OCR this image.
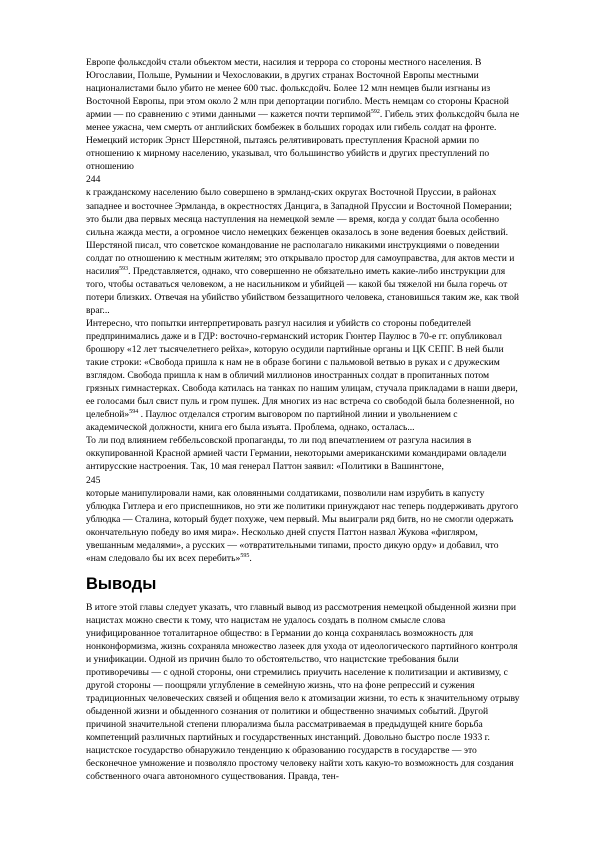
Европе фольксдойч стали объектом мести, насилия и террора со стороны местного населения. В Югославии, Польше, Румынии и Чехословакии, в других странах Восточной Европы местными националистами было убито не менее 600 тыс. фольксдойч. Более 12 млн немцев были изгнаны из Восточной Европы, при этом около 2 млн при депортации погибло. Месть немцам со стороны Красной армии — по сравнению с этими данными — кажется почти терпимой$^{592}$. Гибель этих фольксдойч была не менее ужасна, чем смерть от английских бомбежек в больших городах или гибель солдат на фронте. Немецкий историк Эрнст Шерстяной, пытаясь релятивировать преступления Красной армии по отношению к мирному населению, указывал, что большинство убийств и других преступлений по отношению

244

к гражданскому населению было совершено в эрмланд-ских округах Восточной Пруссии, в районах западнее и восточнее Эрмланда, в окрестностях Данцига, в Западной Пруссии и Восточной Померании; это были два первых месяца наступления на немецкой земле — время, когда у солдат была особенно сильна жажда мести, а огромное число немецких беженцев оказалось в зоне ведения боевых действий. Шерстяной писал, что советское командование не располагало никакими инструкциями о поведении солдат по отношению к местным жителям; это открывало простор для самоуправства, для актов мести и насилия$^{593}$. Представляется, однако, что совершенно не обязательно иметь какие-либо инструкции для того, чтобы оставаться человеком, а не насильником и убийцей — какой бы тяжелой ни была горечь от потери близких. Отвечая на убийство убийством беззащитного человека, становишься таким же, как твой враг...

Интересно, что попытки интерпретировать разгул насилия и убийств со стороны победителей предпринимались даже и в ГДР: восточно-германский историк Гюнтер Паулюс в 70-е гг. опубликовал брошюру «12 лет тысячелетнего рейха», которую осудили партийные органы и ЦК СЕПГ. В ней были такие строки: «Свобода пришла к нам не в образе богини с пальмовой ветвью в руках и с дружеским взглядом. Свобода пришла к нам в обличий миллионов иностранных солдат в пропитанных потом грязных гимнастерках. Свобода катилась на танках по нашим улицам, стучала прикладами в наши двери, ее голосами был свист пуль и гром пушек. Для многих из нас встреча со свободой была болезненной, но целебной»$^{594}$ . Паулюс отделался строгим выговором по партийной линии и увольнением с академической должности, книга его была изъята. Проблема, однако, осталась...

То ли под влиянием геббельсовской пропаганды, то ли под впечатлением от разгула насилия в оккупированной Красной армией части Германии, некоторыми американскими командирами овладели антирусские настроения. Так, 10 мая генерал Паттон заявил: «Политики в Вашингтоне,

245

которые манипулировали нами, как оловянными солдатиками, позволили нам изрубить в капусту ублюдка Гитлера и его приспешников, но эти же политики принуждают нас теперь поддерживать другого ублюдка — Сталина, который будет похуже, чем первый. Мы выиграли ряд битв, но не смогли одержать окончательную победу во имя мира». Несколько дней спустя Паттон назвал Жукова «фигляром, увешанным медалями», а русских — «отвратительными типами, просто дикую орду» и добавил, что «нам следовало бы их всех перебить»$^{595}$.

Выводы

В итоге этой главы следует указать, что главный вывод из рассмотрения немецкой обыденной жизни при нацистах можно свести к тому, что нацистам не удалось создать в полном смысле слова унифицированное тоталитарное общество: в Германии до конца сохранялась возможность для нонконформизма, жизнь сохраняла множество лазеек для ухода от идеологического партийного контроля и унификации. Одной из причин было то обстоятельство, что нацистские требования были противоречивы — с одной стороны, они стремились приучить население к политизации и активизму, с другой стороны — поощряли углубление в семейную жизнь, что на фоне репрессий и сужения традиционных человеческих связей и общения вело к атомизации жизни, то есть к значительному отрыву обыденной жизни и обыденного сознания от политики и общественно значимых событий. Другой причиной значительной степени плюрализма была рассматриваемая в предыдущей книге борьба компетенций различных партийных и государственных инстанций. Довольно быстро после 1933 г. нацистское государство обнаружило тенденцию к образованию государств в государстве — это бесконечное умножение и позволяло простому человеку найти хоть какую-то возможность для создания собственного очага автономного существования. Правда, тен-
